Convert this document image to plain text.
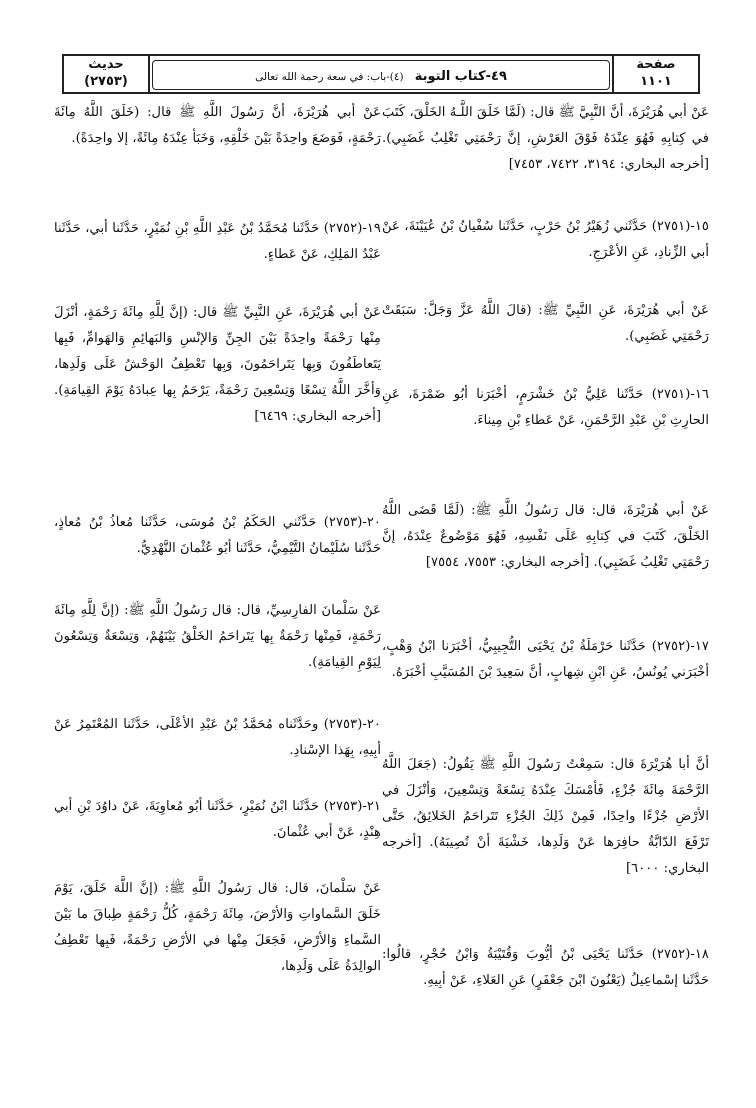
صفحة
١١٠١
٤٩-كتاب التوبة (٤)-باب: في سعة رحمة الله تعالى
حديث
(٢٧٥٣)

عَنْ أبي هُرَيْرَةَ، أنَّ النَّبِيَّ ﷺ قال: (لَمَّا خَلَقَ اللَّـهُ الخَلْقَ، كَتَبَ في كِتابِهِ فَهُوَ عِنْدَهُ فَوْقَ العَرْشِ، إنَّ رَحْمَتِي تَغْلِبُ غَضَبِي). [أخرجه البخاري: ٣١٩٤، ٧٤٢٢، ٧٤٥٣]

١٥-(٢٧٥١) حَدَّثَني زُهَيْرُ بْنُ حَرْبٍ، حَدَّثَنا سُفْيانُ بْنُ عُيَيْنَةَ، عَنْ أبي الزِّنادِ، عَنِ الأعْرَجِ.

عَنْ أبي هُرَيْرَةَ، عَنِ النَّبِيِّ ﷺ: (قالَ اللَّهُ عَزَّ وَجَلَّ: سَبَقَتْ رَحْمَتِي غَضَبِي).

١٦-(٢٧٥١) حَدَّثَنا عَلِيُّ بْنُ خَشْرَمٍ، أخْبَرَنا أبُو ضَمْرَةَ، عَنِ الحارِثِ بْنِ عَبْدِ الرَّحْمَنِ، عَنْ عَطاءِ بْنِ مِيناءَ.

عَنْ أبي هُرَيْرَةَ، قال: قال رَسُولُ اللَّهِ ﷺ: (لَمَّا قَضَى اللَّهُ الخَلْقَ، كَتَبَ في كِتابِهِ عَلَى نَفْسِهِ، فَهُوَ مَوْضُوعٌ عِنْدَهُ، إنَّ رَحْمَتِي تَغْلِبُ غَضَبِي). [أخرجه البخاري: ٧٥٥٣، ٧٥٥٤]

١٧-(٢٧٥٢) حَدَّثَنا حَرْمَلَةُ بْنُ يَحْيَى التُّجِيبِيُّ، أخْبَرَنا ابْنُ وَهْبٍ، أخْبَرَني يُونُسُ، عَنِ ابْنِ شِهابٍ، أنَّ سَعِيدَ بْنَ المُسَيَّبِ أخْبَرَهُ.

أنَّ أبا هُرَيْرَةَ قال: سَمِعْتُ رَسُولَ اللَّهِ ﷺ يَقُولُ: (جَعَلَ اللَّهُ الرَّحْمَةَ مِائَةَ جُزْءٍ، فَأمْسَكَ عِنْدَهُ تِسْعَةً وَتِسْعِينَ، وَأنْزَلَ في الأرْضِ جُزْءًا واحِدًا، فَمِنْ ذَلِكَ الجُزْءِ تَتَراحَمُ الخَلائِقُ، حَتَّى تَرْفَعَ الدّابَّةُ حافِرَها عَنْ وَلَدِها، خَشْيَةَ أنْ تُصِيبَهُ). [أخرجه البخاري: ٦٠٠٠]

١٨-(٢٧٥٢) حَدَّثَنا يَحْيَى بْنُ أيُّوبَ وَقُتَيْبَةُ وَابْنُ حُجْرٍ، قالُوا: حَدَّثَنا إسْماعِيلُ (يَعْنُونَ ابْنَ جَعْفَرٍ) عَنِ العَلاءِ، عَنْ أبِيهِ.

عَنْ أبي هُرَيْرَةَ، أنَّ رَسُولَ اللَّهِ ﷺ قال: (خَلَقَ اللَّهُ مِائَةَ رَحْمَةٍ، فَوَضَعَ واحِدَةً بَيْنَ خَلْقِهِ، وَخَبَأ عِنْدَهُ مِائَةً، إلا واحِدَةً).

١٩-(٢٧٥٢) حَدَّثَنا مُحَمَّدُ بْنُ عَبْدِ اللَّهِ بْنِ نُمَيْرٍ، حَدَّثَنا أبي، حَدَّثَنا عَبْدُ المَلِكِ، عَنْ عَطاءٍ.

عَنْ أبي هُرَيْرَةَ، عَنِ النَّبِيِّ ﷺ قال: (إنَّ لِلَّهِ مِائَةَ رَحْمَةٍ، أنْزَلَ مِنْها رَحْمَةً واحِدَةً بَيْنَ الجِنِّ وَالإنْسِ وَالبَهائِمِ وَالهَوامِّ، فَبِها يَتَعاطَفُونَ وَبِها يَتَراحَمُونَ، وَبِها تَعْطِفُ الوَحْشُ عَلَى وَلَدِها، وَأخَّرَ اللَّهُ تِسْعًا وَتِسْعِينَ رَحْمَةً، يَرْحَمُ بِها عِبادَهُ يَوْمَ القِيامَةِ). [أخرجه البخاري: ٦٤٦٩]

٢٠-(٢٧٥٣) حَدَّثَني الحَكَمُ بْنُ مُوسَى، حَدَّثَنا مُعاذُ بْنُ مُعاذٍ، حَدَّثَنا سُلَيْمانُ التَّيْمِيُّ، حَدَّثَنا أبُو عُثْمانَ النَّهْدِيُّ.

عَنْ سَلْمانَ الفارِسِيِّ، قال: قال رَسُولُ اللَّهِ ﷺ: (إنَّ لِلَّهِ مِائَةَ رَحْمَةٍ، فَمِنْها رَحْمَةٌ بِها يَتَراحَمُ الخَلْقُ بَيْنَهُمْ، وَتِسْعَةٌ وَتِسْعُونَ لِيَوْمِ القِيامَةِ).

٢٠-(٢٧٥٣) وحَدَّثَناه مُحَمَّدُ بْنُ عَبْدِ الأعْلَى، حَدَّثَنا المُعْتَمِرُ عَنْ أبِيهِ، بِهَذا الإسْنادِ.

٢١-(٢٧٥٣) حَدَّثَنا ابْنُ نُمَيْرٍ، حَدَّثَنا أبُو مُعاوِيَةَ، عَنْ داوُدَ بْنِ أبي هِنْدٍ، عَنْ أبي عُثْمانَ.

عَنْ سَلْمانَ، قال: قال رَسُولُ اللَّهِ ﷺ: (إنَّ اللَّهَ خَلَقَ، يَوْمَ خَلَقَ السَّماواتِ وَالأرْضَ، مِائَةَ رَحْمَةٍ، كُلُّ رَحْمَةٍ طِباقَ ما بَيْنَ السَّماءِ وَالأرْضِ، فَجَعَلَ مِنْها في الأرْضِ رَحْمَةً، فَبِها تَعْطِفُ الوالِدَةُ عَلَى وَلَدِها،
